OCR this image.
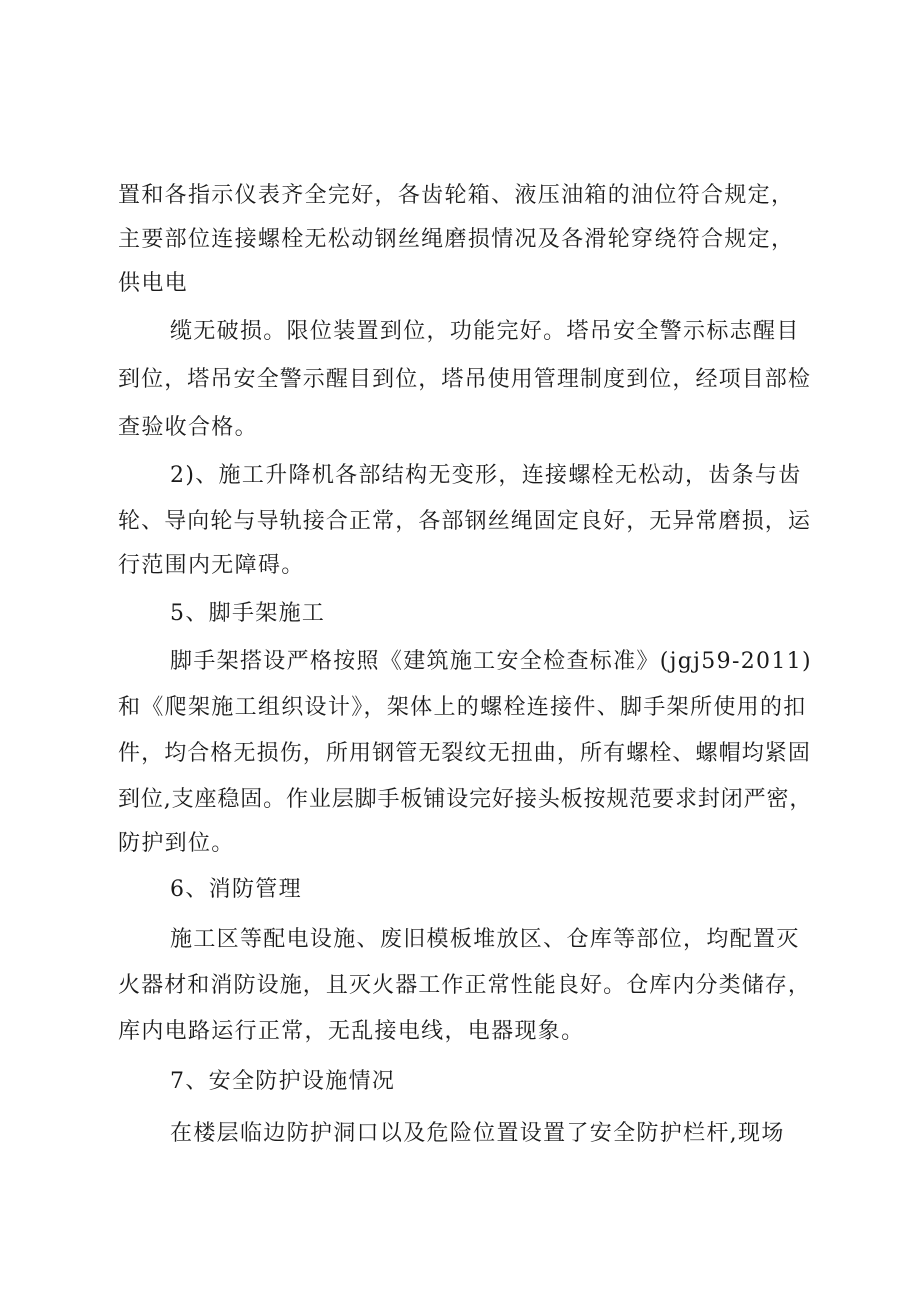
置和各指示仪表齐全完好，各齿轮箱、液压油箱的油位符合规定，
主要部位连接螺栓无松动钢丝绳磨损情况及各滑轮穿绕符合规定，
供电电
缆无破损。限位装置到位，功能完好。塔吊安全警示标志醒目
到位，塔吊安全警示醒目到位，塔吊使用管理制度到位，经项目部检
查验收合格。
2)、施工升降机各部结构无变形，连接螺栓无松动，齿条与齿
轮、导向轮与导轨接合正常，各部钢丝绳固定良好，无异常磨损，运
行范围内无障碍。
5、脚手架施工
脚手架搭设严格按照《建筑施工安全检查标准》(jgj59-2011)
和《爬架施工组织设计》，架体上的螺栓连接件、脚手架所使用的扣
件，均合格无损伤，所用钢管无裂纹无扭曲，所有螺栓、螺帽均紧固
到位,支座稳固。作业层脚手板铺设完好接头板按规范要求封闭严密，
防护到位。
6、消防管理
施工区等配电设施、废旧模板堆放区、仓库等部位，均配置灭
火器材和消防设施，且灭火器工作正常性能良好。仓库内分类储存，
库内电路运行正常，无乱接电线，电器现象。
7、安全防护设施情况
在楼层临边防护洞口以及危险位置设置了安全防护栏杆,现场
